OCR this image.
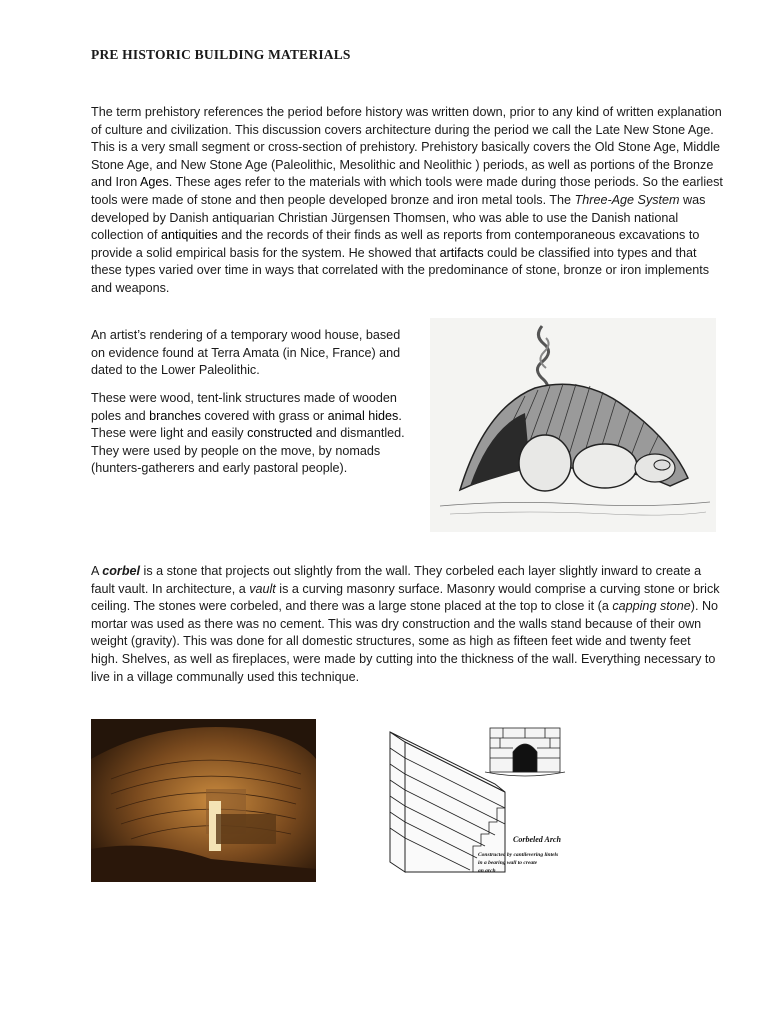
PRE HISTORIC BUILDING MATERIALS

The term prehistory references the period before history was written down, prior to any kind of written explanation of culture and civilization. This discussion covers architecture during the period we call the Late New Stone Age. This is a very small segment or cross-section of prehistory. Prehistory basically covers the Old Stone Age, Middle Stone Age, and New Stone Age (Paleolithic, Mesolithic and Neolithic ) periods, as well as portions of the Bronze and Iron Ages. These ages refer to the materials with which tools were made during those periods. So the earliest tools were made of stone and then people developed bronze and iron metal tools. The Three-Age System was developed by Danish antiquarian Christian Jürgensen Thomsen, who was able to use the Danish national collection of antiquities and the records of their finds as well as reports from contemporaneous excavations to provide a solid empirical basis for the system. He showed that artifacts could be classified into types and that these types varied over time in ways that correlated with the predominance of stone, bronze or iron implements and weapons.

An artist’s rendering of a temporary wood house, based on evidence found at Terra Amata (in Nice, France) and dated to the Lower Paleolithic.

These were wood, tent-link structures made of wooden poles and branches covered with grass or animal hides. These were light and easily constructed and dismantled. They were used by people on the move, by nomads (hunters-gatherers and early pastoral people).

A corbel is a stone that projects out slightly from the wall. They corbeled each layer slightly inward to create a fault vault. In architecture, a vault is a curving masonry surface. Masonry would comprise a curving stone or brick ceiling. The stones were corbeled, and there was a large stone placed at the top to close it (a capping stone). No mortar was used as there was no cement. This was dry construction and the walls stand because of their own weight (gravity). This was done for all domestic structures, some as high as fifteen feet wide and twenty feet high. Shelves, as well as fireplaces, were made by cutting into the thickness of the wall. Everything necessary to live in a village communally used this technique.

Corbeled Arch
Constructed by cantilevering lintels
in a bearing wall to create
an arch
